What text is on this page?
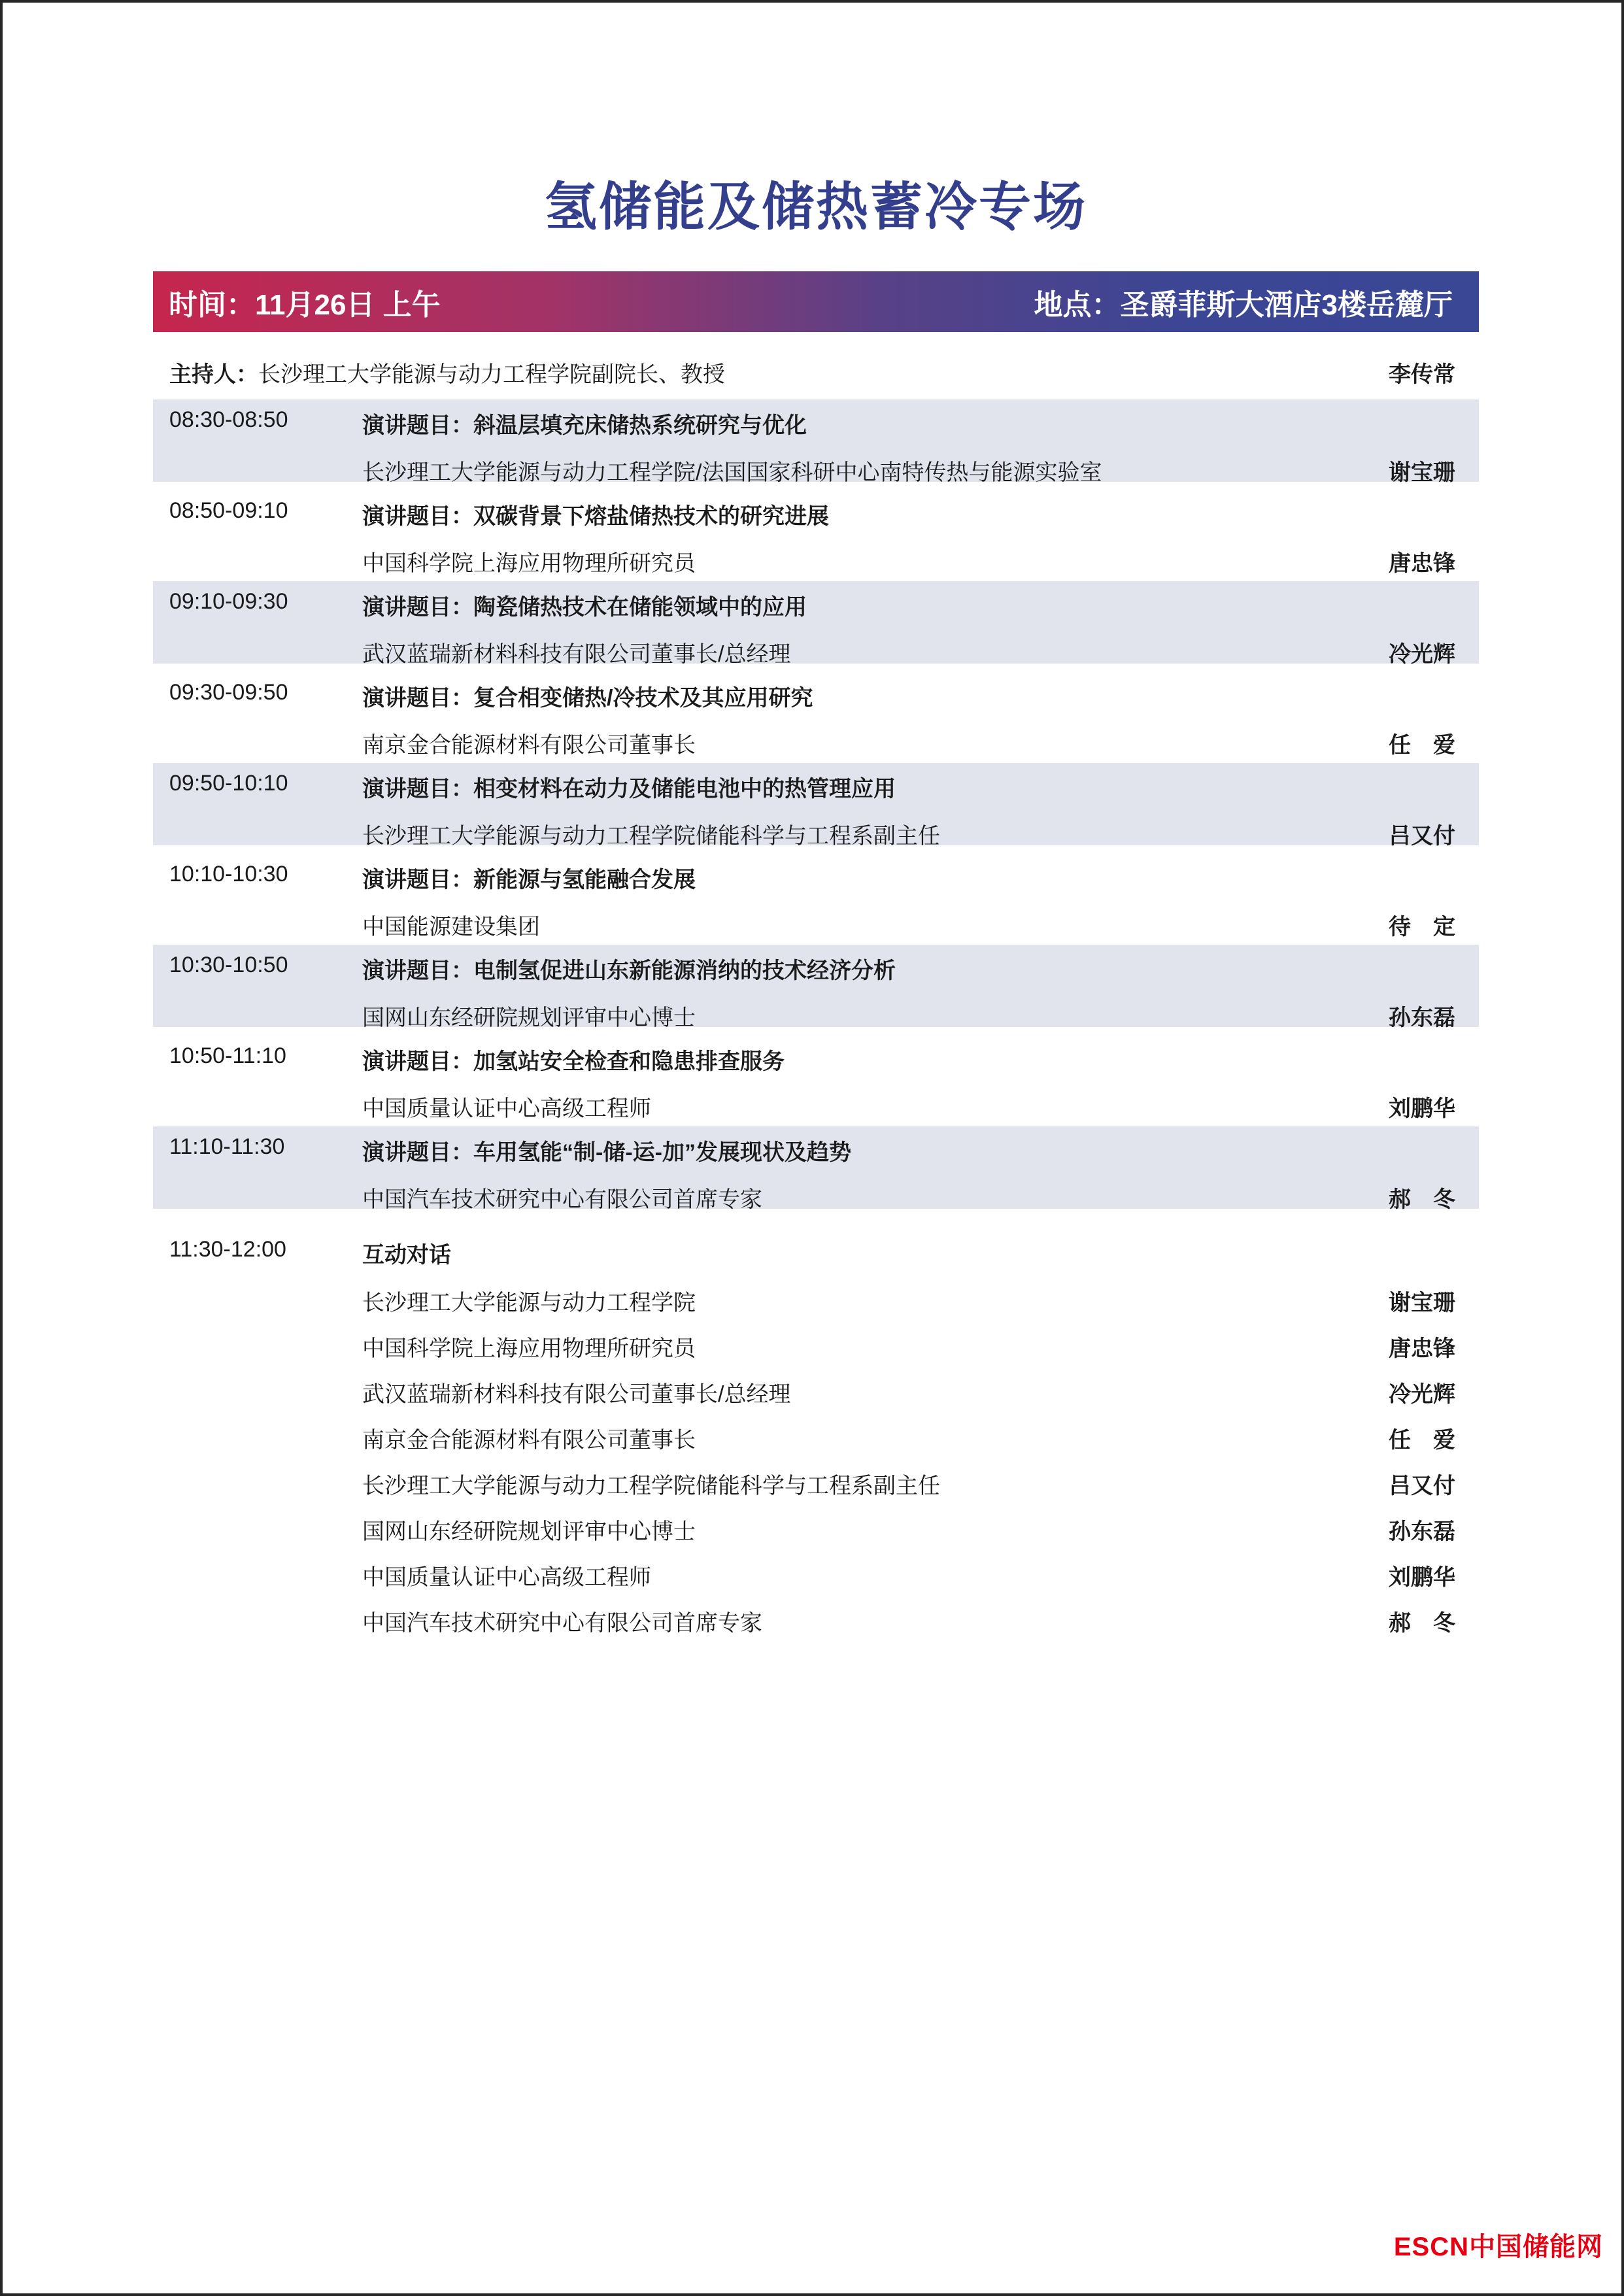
氢储能及储热蓄冷专场
时间：11月26日 上午	地点：圣爵菲斯大酒店3楼岳麓厅
主持人： 长沙理工大学能源与动力工程学院副院长、教授	李传常
08:30-08:50	演讲题目：斜温层填充床储热系统研究与优化
长沙理工大学能源与动力工程学院/法国国家科研中心南特传热与能源实验室	谢宝珊
08:50-09:10	演讲题目：双碳背景下熔盐储热技术的研究进展
中国科学院上海应用物理所研究员	唐忠锋
09:10-09:30	演讲题目：陶瓷储热技术在储能领域中的应用
武汉蓝瑞新材料科技有限公司董事长/总经理	冷光辉
09:30-09:50	演讲题目：复合相变储热/冷技术及其应用研究
南京金合能源材料有限公司董事长	任　爱
09:50-10:10	演讲题目：相变材料在动力及储能电池中的热管理应用
长沙理工大学能源与动力工程学院储能科学与工程系副主任	吕又付
10:10-10:30	演讲题目：新能源与氢能融合发展
中国能源建设集团	待　定
10:30-10:50	演讲题目：电制氢促进山东新能源消纳的技术经济分析
国网山东经研院规划评审中心博士	孙东磊
10:50-11:10	演讲题目：加氢站安全检查和隐患排查服务
中国质量认证中心高级工程师	刘鹏华
11:10-11:30	演讲题目：车用氢能“制-储-运-加”发展现状及趋势
中国汽车技术研究中心有限公司首席专家	郝　冬
11:30-12:00	互动对话
长沙理工大学能源与动力工程学院	谢宝珊
中国科学院上海应用物理所研究员	唐忠锋
武汉蓝瑞新材料科技有限公司董事长/总经理	冷光辉
南京金合能源材料有限公司董事长	任　爱
长沙理工大学能源与动力工程学院储能科学与工程系副主任	吕又付
国网山东经研院规划评审中心博士	孙东磊
中国质量认证中心高级工程师	刘鹏华
中国汽车技术研究中心有限公司首席专家	郝　冬
ESCN中国储能网
